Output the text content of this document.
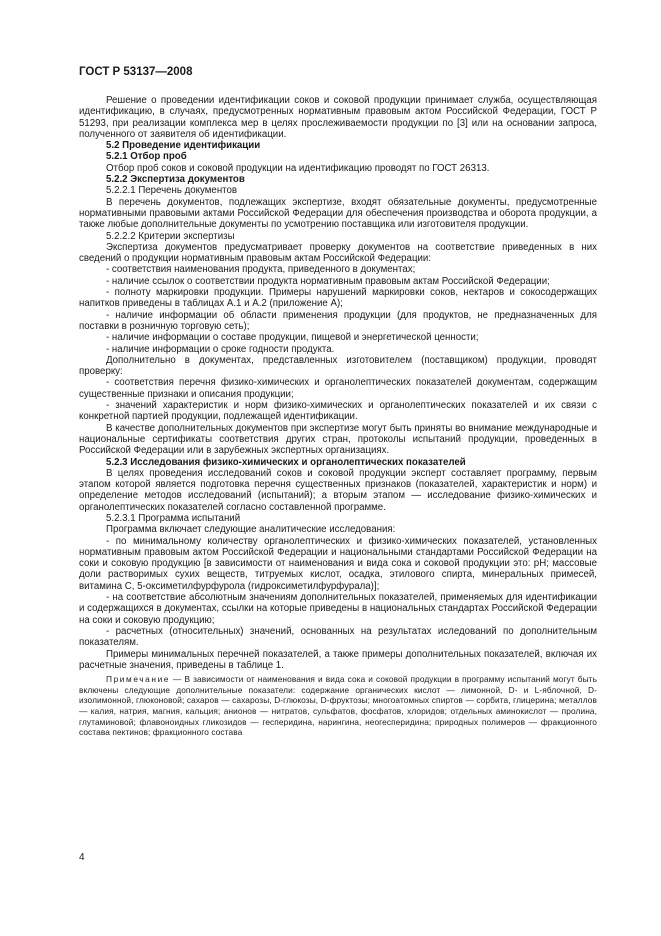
ГОСТ Р 53137—2008

Решение о проведении идентификации соков и соковой продукции принимает служба, осуществляющая идентификацию, в случаях, предусмотренных нормативным правовым актом Российской Федерации, ГОСТ Р 51293, при реализации комплекса мер в целях прослеживаемости продукции по [3] или на основании запроса, полученного от заявителя об идентификации.

5.2 Проведение идентификации

5.2.1 Отбор проб

Отбор проб соков и соковой продукции на идентификацию проводят по ГОСТ 26313.

5.2.2 Экспертиза документов

5.2.2.1 Перечень документов

В перечень документов, подлежащих экспертизе, входят обязательные документы, предусмотренные нормативными правовыми актами Российской Федерации для обеспечения производства и оборота продукции, а также любые дополнительные документы по усмотрению поставщика или изготовителя продукции.

5.2.2.2 Критерии экспертизы

Экспертиза документов предусматривает проверку документов на соответствие приведенных в них сведений о продукции нормативным правовым актам Российской Федерации:

- соответствия наименования продукта, приведенного в документах;

- наличие ссылок о соответствии продукта нормативным правовым актам Российской Федерации;

- полноту маркировки продукции. Примеры нарушений маркировки соков, нектаров и сокосодержащих напитков приведены в таблицах А.1 и А.2 (приложение А);

- наличие информации об области применения продукции (для продуктов, не предназначенных для поставки в розничную торговую сеть);

- наличие информации о составе продукции, пищевой и энергетической ценности;

- наличие информации о сроке годности продукта.

Дополнительно в документах, представленных изготовителем (поставщиком) продукции, проводят проверку:

- соответствия перечня физико-химических и органолептических показателей документам, содержащим существенные признаки и описания продукции;

- значений характеристик и норм физико-химических и органолептических показателей и их связи с конкретной партией продукции, подлежащей идентификации.

В качестве дополнительных документов при экспертизе могут быть приняты во внимание международные и национальные сертификаты соответствия других стран, протоколы испытаний продукции, проведенных в Российской Федерации или в зарубежных экспертных организациях.

5.2.3 Исследования физико-химических и органолептических показателей

В целях проведения исследований соков и соковой продукции эксперт составляет программу, первым этапом которой является подготовка перечня существенных признаков (показателей, характеристик и норм) и определение методов исследований (испытаний); а вторым этапом — исследование физико-химических и органолептических показателей согласно составленной программе.

5.2.3.1 Программа испытаний

Программа включает следующие аналитические исследования:

- по минимальному количеству органолептических и физико-химических показателей, установленных нормативным правовым актом Российской Федерации и национальными стандартами Российской Федерации на соки и соковую продукцию [в зависимости от наименования и вида сока и соковой продукции это: pH; массовые доли растворимых сухих веществ, титруемых кислот, осадка, этилового спирта, минеральных примесей, витамина С, 5-оксиметилфурфурола (гидроксиметилфурфурала)];

- на соответствие абсолютным значениям дополнительных показателей, применяемых для идентификации и содержащихся в документах, ссылки на которые приведены в национальных стандартах Российской Федерации на соки и соковую продукцию;

- расчетных (относительных) значений, основанных на результатах иследований по дополнительным показателям.

Примеры минимальных перечней показателей, а также примеры дополнительных показателей, включая их расчетные значения, приведены в таблице 1.

Примечание — В зависимости от наименования и вида сока и соковой продукции в программу испытаний могут быть включены следующие дополнительные показатели: содержание органических кислот — лимонной, D- и L-яблочной, D-изолимонной, глюконовой; сахаров — сахарозы, D-глюкозы, D-фруктозы; многоатомных спиртов — сорбита, глицерина; металлов — калия, натрия, магния, кальция; анионов — нитратов, сульфатов, фосфатов, хлоридов; отдельных аминокислот — пролина, глутаминовой; флавоноидных гликозидов — гесперидина, нарингина, неогесперидина; природных полимеров — фракционного состава пектинов; фракционного состава

4
